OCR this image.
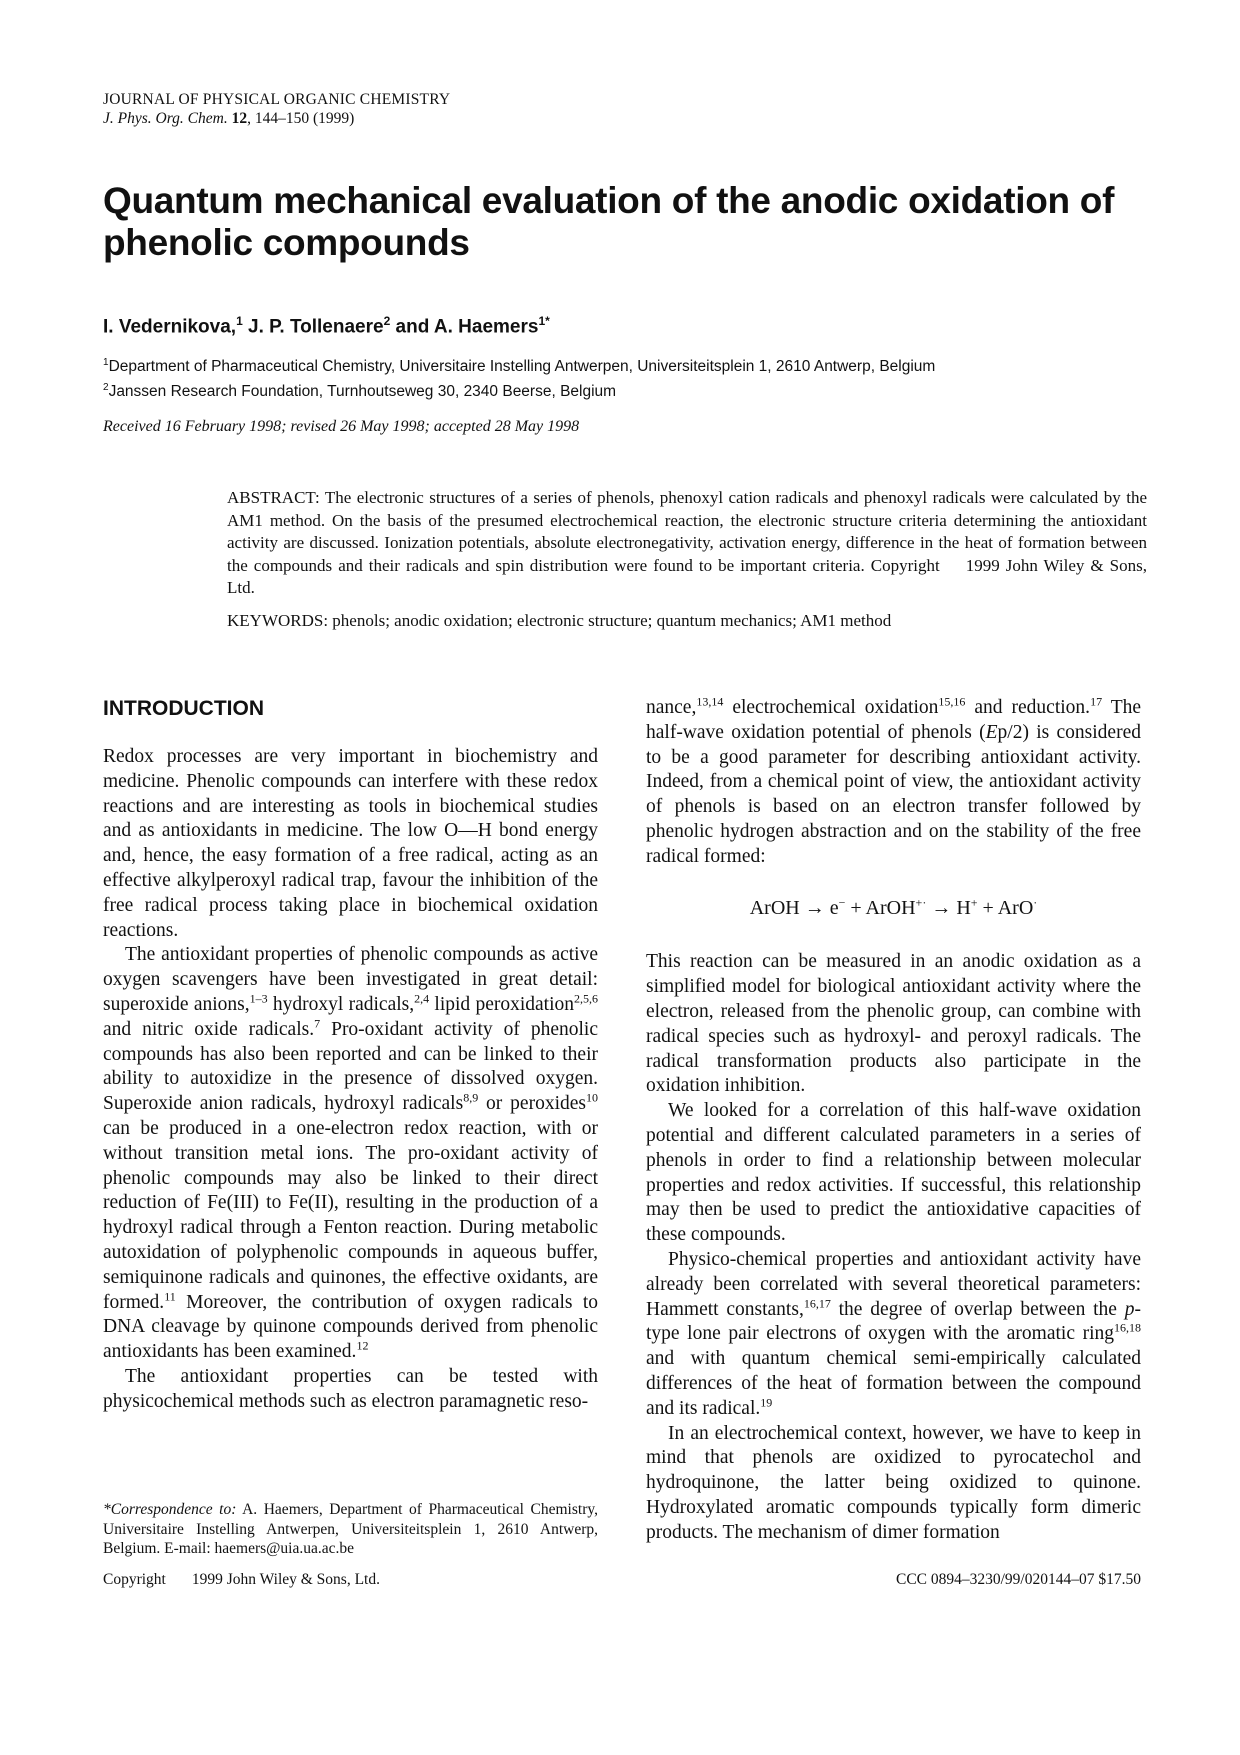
JOURNAL OF PHYSICAL ORGANIC CHEMISTRY
J. Phys. Org. Chem. 12, 144–150 (1999)
Quantum mechanical evaluation of the anodic oxidation of phenolic compounds
I. Vedernikova,$^1$ J. P. Tollenaere$^2$ and A. Haemers$^{1*}$
$^1$Department of Pharmaceutical Chemistry, Universitaire Instelling Antwerpen, Universiteitsplein 1, 2610 Antwerp, Belgium
$^2$Janssen Research Foundation, Turnhoutseweg 30, 2340 Beerse, Belgium
Received 16 February 1998; revised 26 May 1998; accepted 28 May 1998
ABSTRACT: The electronic structures of a series of phenols, phenoxyl cation radicals and phenoxyl radicals were calculated by the AM1 method. On the basis of the presumed electrochemical reaction, the electronic structure criteria determining the antioxidant activity are discussed. Ionization potentials, absolute electronegativity, activation energy, difference in the heat of formation between the compounds and their radicals and spin distribution were found to be important criteria. Copyright 1999 John Wiley & Sons, Ltd.
KEYWORDS: phenols; anodic oxidation; electronic structure; quantum mechanics; AM1 method
INTRODUCTION

Redox processes are very important in biochemistry and medicine. Phenolic compounds can interfere with these redox reactions and are interesting as tools in biochemical studies and as antioxidants in medicine. The low O—H bond energy and, hence, the easy formation of a free radical, acting as an effective alkylperoxyl radical trap, favour the inhibition of the free radical process taking place in biochemical oxidation reactions.

The antioxidant properties of phenolic compounds as active oxygen scavengers have been investigated in great detail: superoxide anions,$^{1-3}$ hydroxyl radicals,$^{2,4}$ lipid peroxidation$^{2,5,6}$ and nitric oxide radicals.$^7$ Pro-oxidant activity of phenolic compounds has also been reported and can be linked to their ability to autoxidize in the presence of dissolved oxygen. Superoxide anion radicals, hydroxyl radicals$^{8,9}$ or peroxides$^{10}$ can be produced in a one-electron redox reaction, with or without transition metal ions. The pro-oxidant activity of phenolic compounds may also be linked to their direct reduction of Fe(III) to Fe(II), resulting in the production of a hydroxyl radical through a Fenton reaction. During metabolic autoxidation of polyphenolic compounds in aqueous buffer, semiquinone radicals and quinones, the effective oxidants, are formed.$^{11}$ Moreover, the contribution of oxygen radicals to DNA cleavage by quinone compounds derived from phenolic antioxidants has been examined.$^{12}$

The antioxidant properties can be tested with physicochemical methods such as electron paramagnetic reso-

nance,$^{13,14}$ electrochemical oxidation$^{15,16}$ and reduction.$^{17}$ The half-wave oxidation potential of phenols (Ep/2) is considered to be a good parameter for describing antioxidant activity. Indeed, from a chemical point of view, the antioxidant activity of phenols is based on an electron transfer followed by phenolic hydrogen abstraction and on the stability of the free radical formed:

ArOH → e− + ArOH+· → H+ + ArO·

This reaction can be measured in an anodic oxidation as a simplified model for biological antioxidant activity where the electron, released from the phenolic group, can combine with radical species such as hydroxyl- and peroxyl radicals. The radical transformation products also participate in the oxidation inhibition.

We looked for a correlation of this half-wave oxidation potential and different calculated parameters in a series of phenols in order to find a relationship between molecular properties and redox activities. If successful, this relationship may then be used to predict the antioxidative capacities of these compounds.

Physico-chemical properties and antioxidant activity have already been correlated with several theoretical parameters: Hammett constants,$^{16,17}$ the degree of overlap between the p-type lone pair electrons of oxygen with the aromatic ring$^{16,18}$ and with quantum chemical semi-empirically calculated differences of the heat of formation between the compound and its radical.$^{19}$

In an electrochemical context, however, we have to keep in mind that phenols are oxidized to pyrocatechol and hydroquinone, the latter being oxidized to quinone. Hydroxylated aromatic compounds typically form dimeric products. The mechanism of dimer formation

*Correspondence to: A. Haemers, Department of Pharmaceutical Chemistry, Universitaire Instelling Antwerpen, Universiteitsplein 1, 2610 Antwerp, Belgium. E-mail: haemers@uia.ua.ac.be
Copyright 1999 John Wiley & Sons, Ltd.	CCC 0894–3230/99/020144–07 $17.50
